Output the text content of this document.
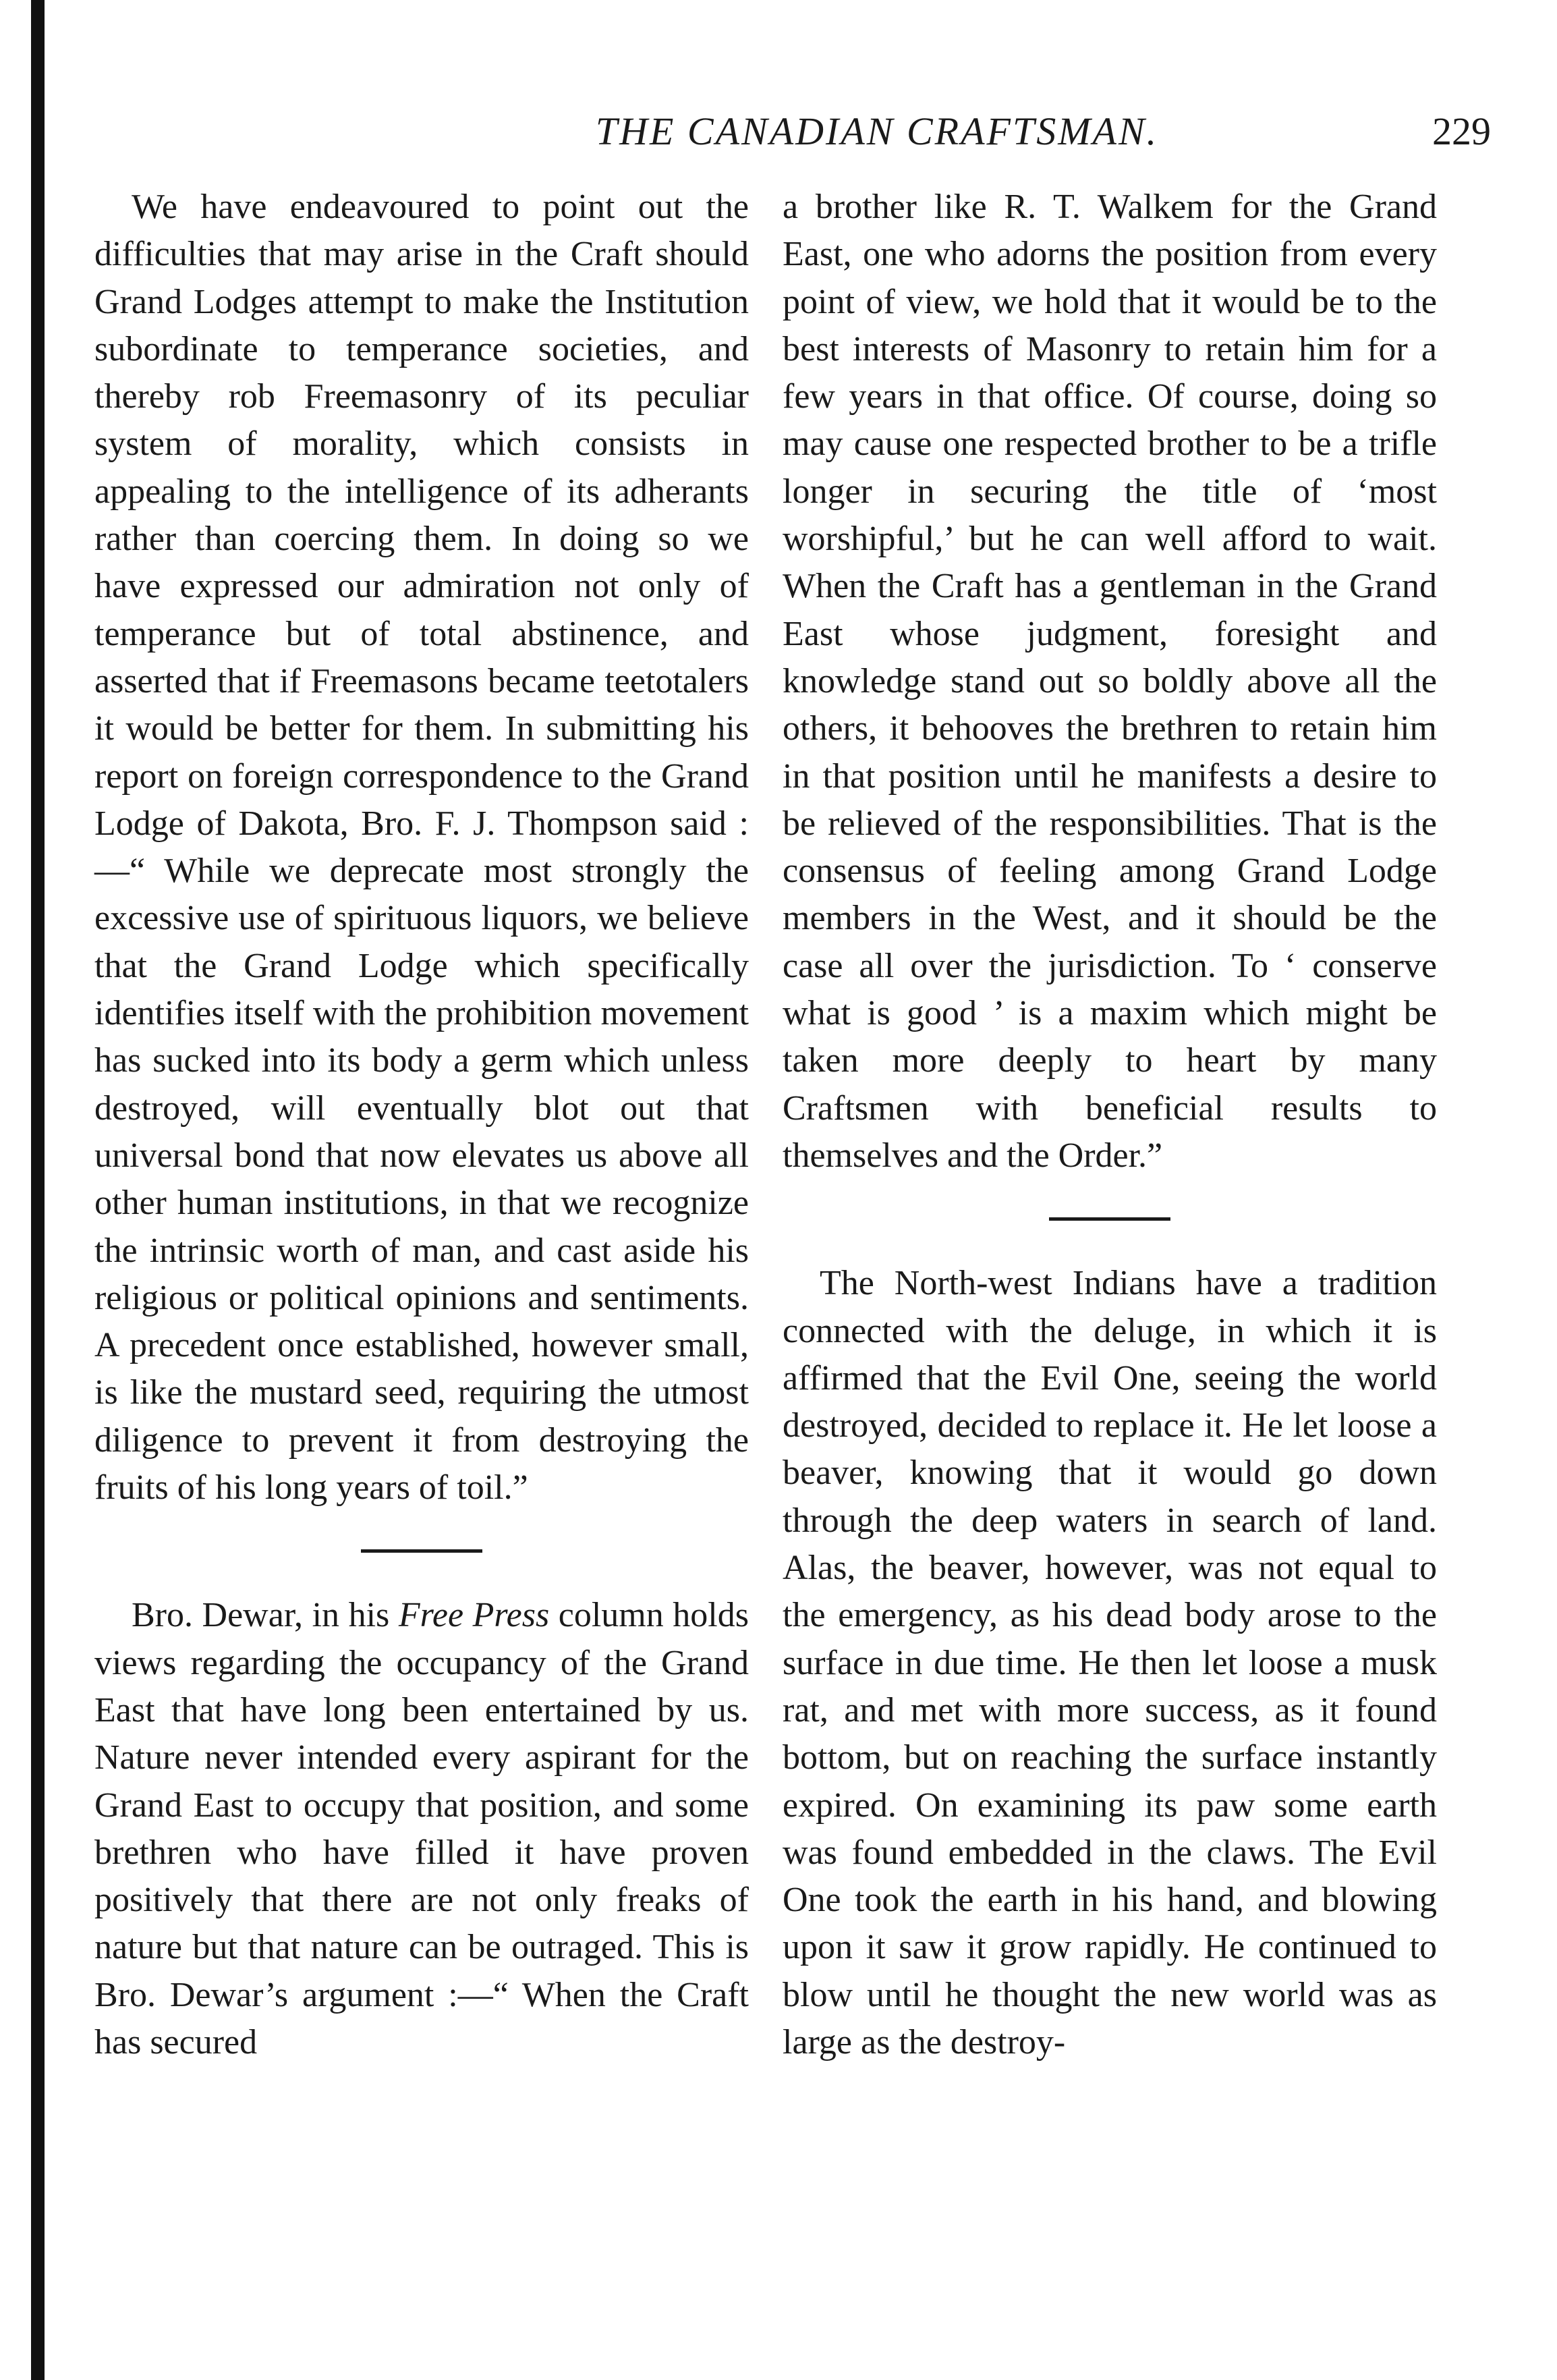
THE CANADIAN CRAFTSMAN.	229

We have endeavoured to point out the difficulties that may arise in the Craft should Grand Lodges attempt to make the Institution subordinate to temperance societies, and thereby rob Freemasonry of its peculiar system of morality, which consists in appealing to the intelligence of its adherants rather than coercing them. In doing so we have expressed our admiration not only of temperance but of total abstinence, and asserted that if Freemasons became teetotalers it would be better for them. In submitting his report on foreign correspondence to the Grand Lodge of Dakota, Bro. F. J. Thompson said :—“ While we deprecate most strongly the excessive use of spirituous liquors, we believe that the Grand Lodge which specifically identifies itself with the prohibition movement has sucked into its body a germ which unless destroyed, will eventually blot out that universal bond that now elevates us above all other human institutions, in that we recognize the intrinsic worth of man, and cast aside his religious or political opinions and sentiments. A precedent once established, however small, is like the mustard seed, requiring the utmost diligence to prevent it from destroying the fruits of his long years of toil.”

Bro. Dewar, in his Free Press column holds views regarding the occupancy of the Grand East that have long been entertained by us. Nature never intended every aspirant for the Grand East to occupy that position, and some brethren who have filled it have proven positively that there are not only freaks of nature but that nature can be outraged. This is Bro. Dewar’s argument :—“ When the Craft has secured

a brother like R. T. Walkem for the Grand East, one who adorns the position from every point of view, we hold that it would be to the best interests of Masonry to retain him for a few years in that office. Of course, doing so may cause one respected brother to be a trifle longer in securing the title of ‘most worshipful,’ but he can well afford to wait. When the Craft has a gentleman in the Grand East whose judgment, foresight and knowledge stand out so boldly above all the others, it behooves the brethren to retain him in that position until he manifests a desire to be relieved of the responsibilities. That is the consensus of feeling among Grand Lodge members in the West, and it should be the case all over the jurisdiction. To ‘ conserve what is good ’ is a maxim which might be taken more deeply to heart by many Craftsmen with beneficial results to themselves and the Order.”

The North-west Indians have a tradition connected with the deluge, in which it is affirmed that the Evil One, seeing the world destroyed, decided to replace it. He let loose a beaver, knowing that it would go down through the deep waters in search of land. Alas, the beaver, however, was not equal to the emergency, as his dead body arose to the surface in due time. He then let loose a musk rat, and met with more success, as it found bottom, but on reaching the surface instantly expired. On examining its paw some earth was found embedded in the claws. The Evil One took the earth in his hand, and blowing upon it saw it grow rapidly. He continued to blow until he thought the new world was as large as the destroy-
